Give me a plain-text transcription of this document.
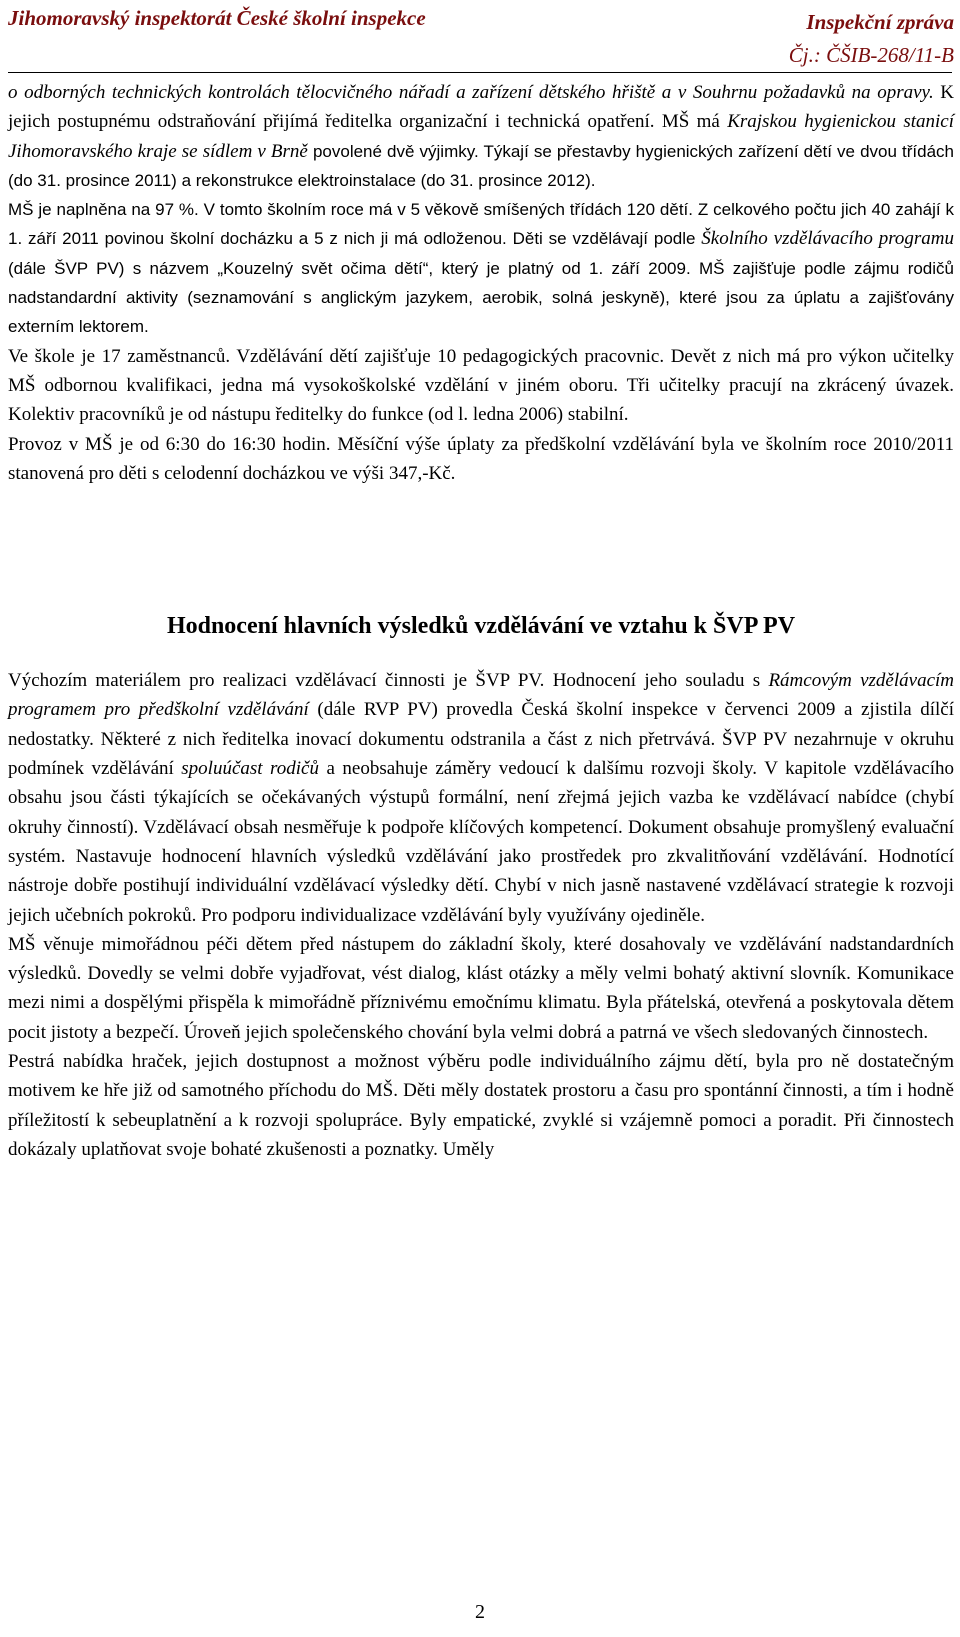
Jihomoravský inspektorát České školní inspekce	Inspekční zpráva
Čj.: ČŠIB-268/11-B

o odborných technických kontrolách tělocvičného nářadí a zařízení dětského hřiště a v Souhrnu požadavků na opravy. K jejich postupnému odstraňování přijímá ředitelka organizační i technická opatření. MŠ má Krajskou hygienickou stanicí Jihomoravského kraje se sídlem v Brně povolené dvě výjimky. Týkají se přestavby hygienických zařízení dětí ve dvou třídách (do 31. prosince 2011) a rekonstrukce elektroinstalace (do 31. prosince 2012).

MŠ je naplněna na 97 %. V tomto školním roce má v 5 věkově smíšených třídách 120 dětí. Z celkového počtu jich 40 zahájí k 1. září 2011 povinou školní docházku a 5 z nich ji má odloženou. Děti se vzdělávají podle Školního vzdělávacího programu (dále ŠVP PV) s názvem „Kouzelný svět očima dětí“, který je platný od 1. září 2009. MŠ zajišťuje podle zájmu rodičů nadstandardní aktivity (seznamování s anglickým jazykem, aerobik, solná jeskyně), které jsou za úplatu a zajišťovány externím lektorem.

Ve škole je 17 zaměstnanců. Vzdělávání dětí zajišťuje 10 pedagogických pracovnic. Devět z nich má pro výkon učitelky MŠ odbornou kvalifikaci, jedna má vysokoškolské vzdělání v jiném oboru. Tři učitelky pracují na zkrácený úvazek. Kolektiv pracovníků je od nástupu ředitelky do funkce (od l. ledna 2006) stabilní.

Provoz v MŠ je od 6:30 do 16:30 hodin. Měsíční výše úplaty za předškolní vzdělávání byla ve školním roce 2010/2011 stanovená pro děti s celodenní docházkou ve výši 347,-Kč.

Hodnocení hlavních výsledků vzdělávání ve vztahu k ŠVP PV

Výchozím materiálem pro realizaci vzdělávací činnosti je ŠVP PV. Hodnocení jeho souladu s Rámcovým vzdělávacím programem pro předškolní vzdělávání (dále RVP PV) provedla Česká školní inspekce v červenci 2009 a zjistila dílčí nedostatky. Některé z nich ředitelka inovací dokumentu odstranila a část z nich přetrvává. ŠVP PV nezahrnuje v okruhu podmínek vzdělávání spoluúčast rodičů a neobsahuje záměry vedoucí k dalšímu rozvoji školy. V kapitole vzdělávacího obsahu jsou části týkajících se očekávaných výstupů formální, není zřejmá jejich vazba ke vzdělávací nabídce (chybí okruhy činností). Vzdělávací obsah nesměřuje k podpoře klíčových kompetencí. Dokument obsahuje promyšlený evaluační systém. Nastavuje hodnocení hlavních výsledků vzdělávání jako prostředek pro zkvalitňování vzdělávání. Hodnotící nástroje dobře postihují individuální vzdělávací výsledky dětí. Chybí v nich jasně nastavené vzdělávací strategie k rozvoji jejich učebních pokroků. Pro podporu individualizace vzdělávání byly využívány ojediněle.

MŠ věnuje mimořádnou péči dětem před nástupem do základní školy, které dosahovaly ve vzdělávání nadstandardních výsledků. Dovedly se velmi dobře vyjadřovat, vést dialog, klást otázky a měly velmi bohatý aktivní slovník. Komunikace mezi nimi a dospělými přispěla k mimořádně příznivému emočnímu klimatu. Byla přátelská, otevřená a poskytovala dětem pocit jistoty a bezpečí. Úroveň jejich společenského chování byla velmi dobrá a patrná ve všech sledovaných činnostech.

Pestrá nabídka hraček, jejich dostupnost a možnost výběru podle individuálního zájmu dětí, byla pro ně dostatečným motivem ke hře již od samotného příchodu do MŠ. Děti měly dostatek prostoru a času pro spontánní činnosti, a tím i hodně příležitostí k sebeuplatnění a k rozvoji spolupráce. Byly empatické, zvyklé si vzájemně pomoci a poradit. Při činnostech dokázaly uplatňovat svoje bohaté zkušenosti a poznatky. Uměly

2
